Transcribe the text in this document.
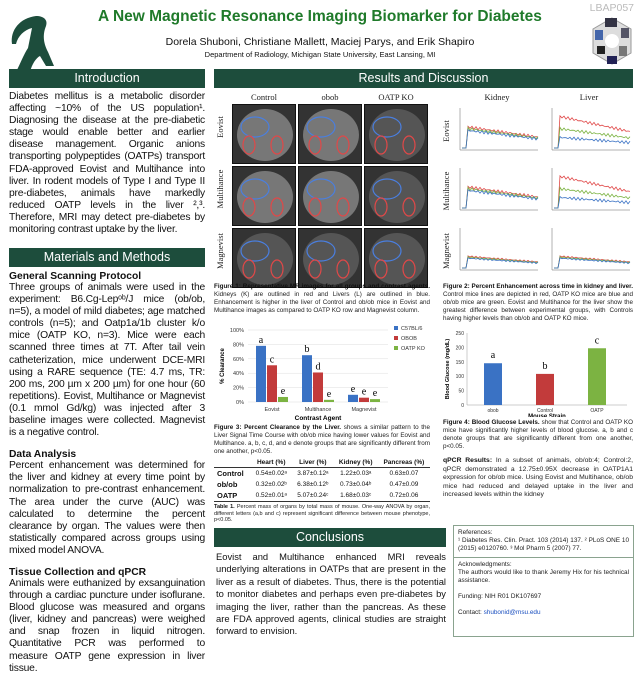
A New Magnetic Resonance Imaging Biomarker for Diabetes	LBAP057
Dorela Shuboni, Christiane Mallett, Maciej Parys, and Erik Shapiro
Department of Radiology, Michigan State University, East Lansing, MI
Introduction
Diabetes mellitus is a metabolic disorder affecting ~10% of the US population¹. Diagnosing the disease at the pre-diabetic stage would enable better and earlier disease management. Organic anions transporting polypeptides (OATPs) transport FDA-approved Eovist and Multihance into liver. In rodent models of Type I and Type II pre-diabetes, animals have markedly reduced OATP levels in the liver ²,³. Therefore, MRI may detect pre-diabetes by monitoring contrast uptake by the liver.
Materials and Methods
General Scanning Protocol
Three groups of animals were used in the experiment: B6.Cg-Lepᵒᵇ/J mice (ob/ob, n=5), a model of mild diabetes; age matched controls (n=5); and Oatp1a/1b cluster k/o mice (OATP KO, n=3). Mice were each scanned three times at 7T. After tail vein catheterization, mice underwent DCE-MRI using a RARE sequence (TE: 4.7 ms, TR: 200 ms, 200 µm x 200 µm) for one hour (60 repetitions). Eovist, Multihance or Magnevist (0.1 mmol Gd/kg) was injected after 3 baseline images were collected. Magnevist is a negative control.
Data Analysis
Percent enhancement was determined for the liver and kidney at every time point by normalization to pre-contrast enhancement. The area under the curve (AUC) was calculated to determine the percent clearance by organ. The values were then statistically compared across groups using mixed model ANOVA.
Tissue Collection and qPCR
Animals were euthanized by exsanguination through a cardiac puncture under isoflurane. Blood glucose was measured and organs (liver, kidney and pancreas) were weighed and snap frozen in liquid nitrogen. Quantitative PCR was performed to measure OATP gene expression in liver tissue.
Results and Discussion
Control	obob	OATP KO
Eovist
Multihance
Magnevist
Figure 1: Representative MR images for all groups and contrast agents. Kidneys (K) are outlined in red and Livers (L) are outlined in blue. Enhancement is higher in the liver of Control and ob/ob mice in Eovist and Multihance images as compared to OATP KO row and Magnevist column.
Kidney	Liver
Eovist
Multihance
Magnevist
Figure 2: Percent Enhancement across time in kidney and liver. Control mice lines are depicted in red, OATP KO mice are blue and ob/ob mice are green. Eovist and Multihance for the liver show the greatest difference between experimental groups, with Controls having higher levels than ob/ob and OATP KO mice.
0%
20%
40%
60%
80%
100%
% Clearance
Eovist
a
c
e
Multihance
b
d
e
Magnevist
e e e
Contrast Agent
C57BL/6
OBOB
OATP KO
Figure 3: Percent Clearance by the Liver. shows a similar pattern to the Liver Signal Time Course with ob/ob mice having lower values for Eovist and Multihance. a, b, c, d, and e denote groups that are significantly different from one another, p<0.05.
	Heart (%)	Liver (%)	Kidney (%)	Pancreas (%)
Control	0.54±0.02ᵃ	3.87±0.12ᵃ	1.22±0.03ᵃ	0.63±0.07
ob/ob	0.32±0.02ᵇ	6.38±0.12ᵇ	0.73±0.04ᵇ	0.47±0.09
OATP	0.52±0.01ᵃ	5.07±0.24ᶜ	1.68±0.03ᶜ	0.72±0.06
Table 1. Percent mass of organs by total mass of mouse. One-way ANOVA by organ, different letters (a,b and c) represent significant difference between mouse phenotype, p<0.05.
0
50
100
150
200
250
Blood Glucose (mg/dL)	a
obob
b
Control
c
OATP
Mouse Strain
Figure 4: Blood Glucose Levels. show that Control and OATP KO mice have significantly higher levels of blood glucose. a, b and c denote groups that are significantly different from one another, p<0.05.
qPCR Results: In a subset of animals, ob/ob:4; Control:2, qPCR demonstrated a 12.75±0.95X decrease in OATP1A1 expression for ob/ob mice. Using Eovist and Multihance, ob/ob mice had reduced and delayed uptake in the liver and increased levels within the kidney
Conclusions
Eovist and Multihance enhanced MRI reveals underlying alterations in OATPs that are present in the liver as a result of diabetes. Thus, there is the potential to monitor diabetes and perhaps even pre-diabetes by imaging the liver, rather than the pancreas. As these are FDA approved agents, clinical studies are straight forward to envision.
References:
¹ Diabetes Res. Clin. Pract. 103 (2014) 137. ² PLoS ONE 10 (2015) e0120760. ³ Mol Pharm 5 (2007) 77.
Acknowledgments:
The authors would like to thank Jeremy Hix for his technical assistance.
Funding: NIH R01 DK107697
Contact: shubonid@msu.edu
